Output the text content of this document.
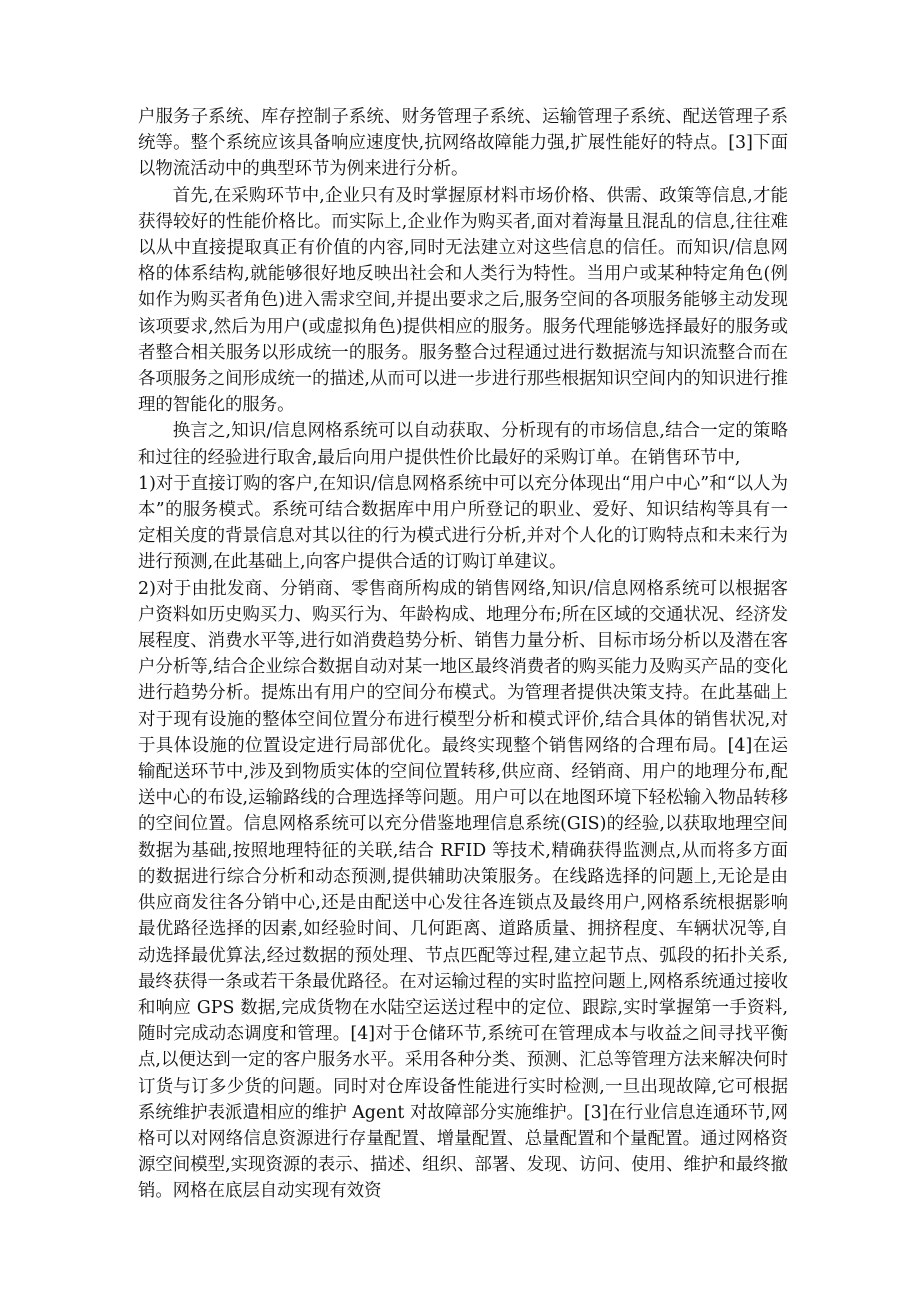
户服务子系统、库存控制子系统、财务管理子系统、运输管理子系统、配送管理子系统等。整个系统应该具备响应速度快,抗网络故障能力强,扩展性能好的特点。[3]下面以物流活动中的典型环节为例来进行分析。

首先,在采购环节中,企业只有及时掌握原材料市场价格、供需、政策等信息,才能获得较好的性能价格比。而实际上,企业作为购买者,面对着海量且混乱的信息,往往难以从中直接提取真正有价值的内容,同时无法建立对这些信息的信任。而知识/信息网格的体系结构,就能够很好地反映出社会和人类行为特性。当用户或某种特定角色(例如作为购买者角色)进入需求空间,并提出要求之后,服务空间的各项服务能够主动发现该项要求,然后为用户(或虚拟角色)提供相应的服务。服务代理能够选择最好的服务或者整合相关服务以形成统一的服务。服务整合过程通过进行数据流与知识流整合而在各项服务之间形成统一的描述,从而可以进一步进行那些根据知识空间内的知识进行推理的智能化的服务。

换言之,知识/信息网格系统可以自动获取、分析现有的市场信息,结合一定的策略和过往的经验进行取舍,最后向用户提供性价比最好的采购订单。在销售环节中,

1)对于直接订购的客户,在知识/信息网格系统中可以充分体现出“用户中心”和“以人为本”的服务模式。系统可结合数据库中用户所登记的职业、爱好、知识结构等具有一定相关度的背景信息对其以往的行为模式进行分析,并对个人化的订购特点和未来行为进行预测,在此基础上,向客户提供合适的订购订单建议。

2)对于由批发商、分销商、零售商所构成的销售网络,知识/信息网格系统可以根据客户资料如历史购买力、购买行为、年龄构成、地理分布;所在区域的交通状况、经济发展程度、消费水平等,进行如消费趋势分析、销售力量分析、目标市场分析以及潜在客户分析等,结合企业综合数据自动对某一地区最终消费者的购买能力及购买产品的变化进行趋势分析。提炼出有用户的空间分布模式。为管理者提供决策支持。在此基础上对于现有设施的整体空间位置分布进行模型分析和模式评价,结合具体的销售状况,对于具体设施的位置设定进行局部优化。最终实现整个销售网络的合理布局。[4]在运输配送环节中,涉及到物质实体的空间位置转移,供应商、经销商、用户的地理分布,配送中心的布设,运输路线的合理选择等问题。用户可以在地图环境下轻松输入物品转移的空间位置。信息网格系统可以充分借鉴地理信息系统(GIS)的经验,以获取地理空间数据为基础,按照地理特征的关联,结合 RFID 等技术,精确获得监测点,从而将多方面的数据进行综合分析和动态预测,提供辅助决策服务。在线路选择的问题上,无论是由供应商发往各分销中心,还是由配送中心发往各连锁点及最终用户,网格系统根据影响最优路径选择的因素,如经验时间、几何距离、道路质量、拥挤程度、车辆状况等,自动选择最优算法,经过数据的预处理、节点匹配等过程,建立起节点、弧段的拓扑关系,最终获得一条或若干条最优路径。在对运输过程的实时监控问题上,网格系统通过接收和响应 GPS 数据,完成货物在水陆空运送过程中的定位、跟踪,实时掌握第一手资料,随时完成动态调度和管理。[4]对于仓储环节,系统可在管理成本与收益之间寻找平衡点,以便达到一定的客户服务水平。采用各种分类、预测、汇总等管理方法来解决何时订货与订多少货的问题。同时对仓库设备性能进行实时检测,一旦出现故障,它可根据系统维护表派遣相应的维护 Agent 对故障部分实施维护。[3]在行业信息连通环节,网格可以对网络信息资源进行存量配置、增量配置、总量配置和个量配置。通过网格资源空间模型,实现资源的表示、描述、组织、部署、发现、访问、使用、维护和最终撤销。网格在底层自动实现有效资
